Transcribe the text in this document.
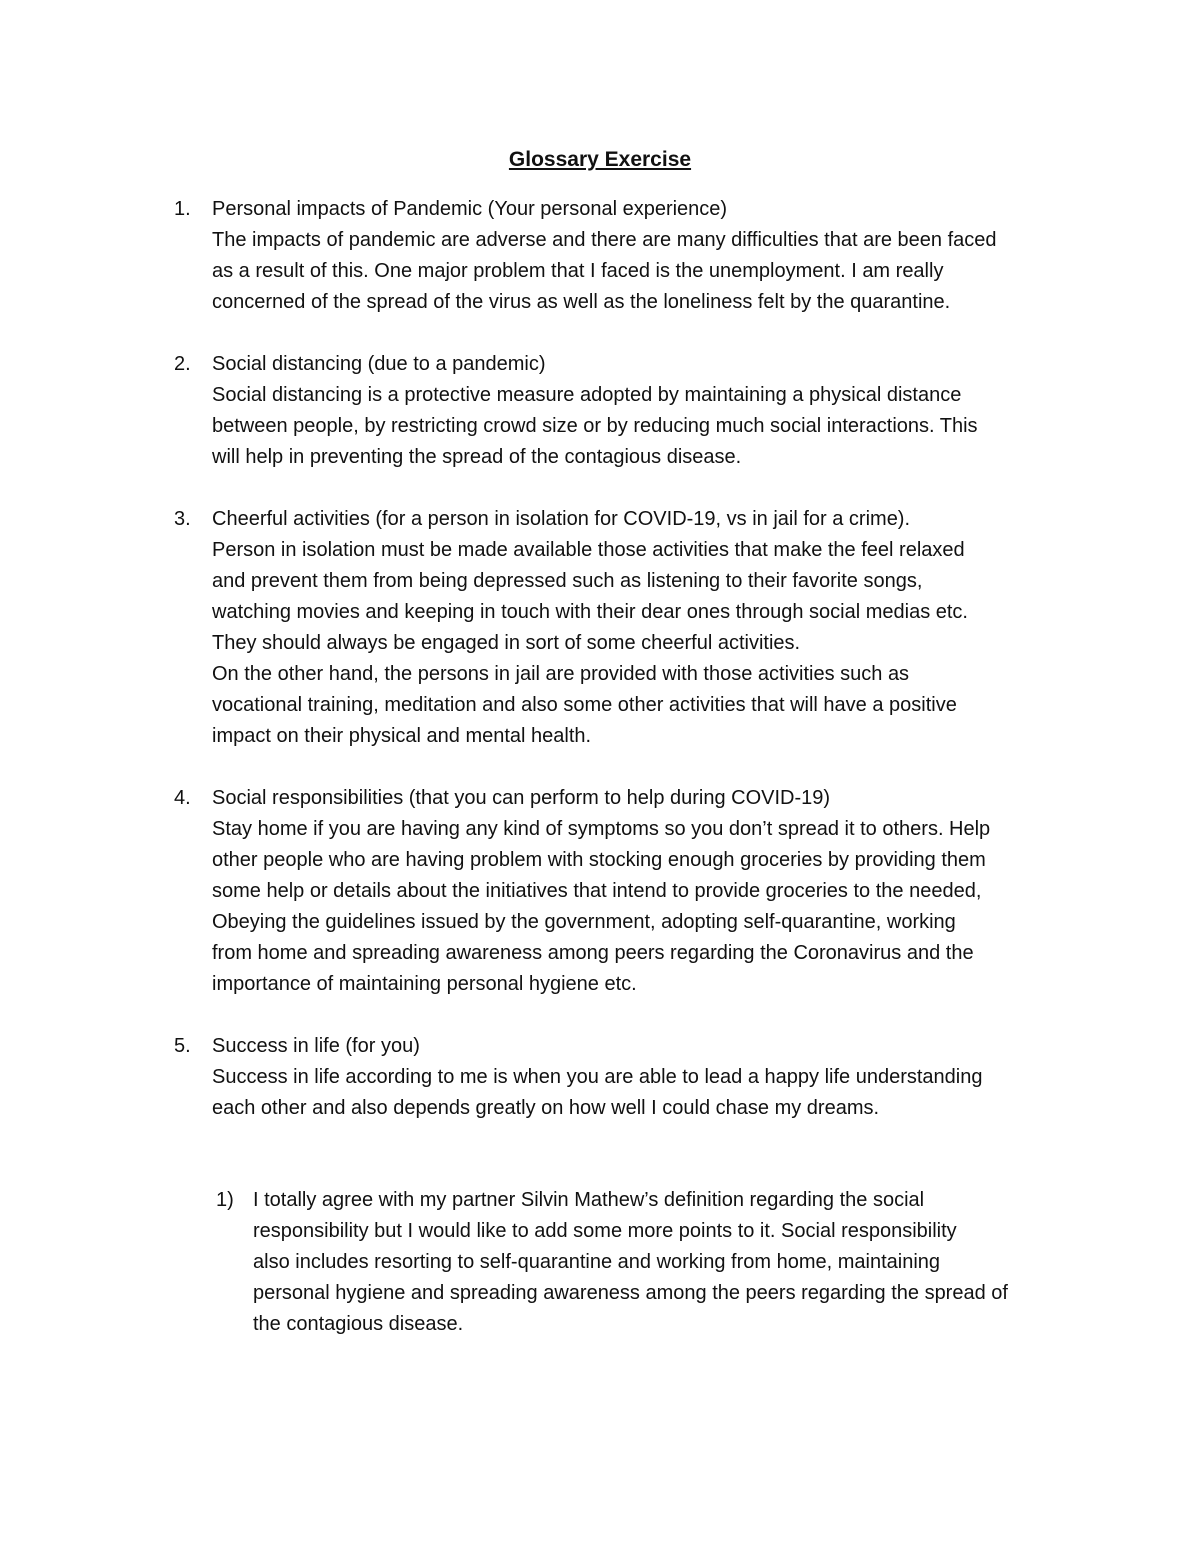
Glossary Exercise
1.	Personal impacts of Pandemic (Your personal experience)
The impacts of pandemic are adverse and there are many difficulties that are been faced
as a result of this. One major problem that I faced is the unemployment. I am really
concerned of the spread of the virus as well as the loneliness felt by the quarantine.
2.	Social distancing (due to a pandemic)
Social distancing is a protective measure adopted by maintaining a physical distance
between people, by restricting crowd size or by reducing much social interactions. This
will help in preventing the spread of the contagious disease.
3.	Cheerful activities (for a person in isolation for COVID-19, vs in jail for a crime).
Person in isolation must be made available those activities that make the feel relaxed
and prevent them from being depressed such as listening to their favorite songs,
watching movies and keeping in touch with their dear ones through social medias etc.
They should always be engaged in sort of some cheerful activities.
On the other hand, the persons in jail are provided with those activities such as
vocational training, meditation and also some other activities that will have a positive
impact on their physical and mental health.
4.	Social responsibilities (that you can perform to help during COVID-19)
Stay home if you are having any kind of symptoms so you don’t spread it to others. Help
other people who are having problem with stocking enough groceries by providing them
some help or details about the initiatives that intend to provide groceries to the needed,
Obeying the guidelines issued by the government, adopting self-quarantine, working
from home and spreading awareness among peers regarding the Coronavirus and the
importance of maintaining personal hygiene etc.
5.	Success in life (for you)
Success in life according to me is when you are able to lead a happy life understanding
each other and also depends greatly on how well I could chase my dreams.
1) I totally agree with my partner Silvin Mathew’s definition regarding the social
responsibility but I would like to add some more points to it. Social responsibility
also includes resorting to self-quarantine and working from home, maintaining
personal hygiene and spreading awareness among the peers regarding the spread of
the contagious disease.
